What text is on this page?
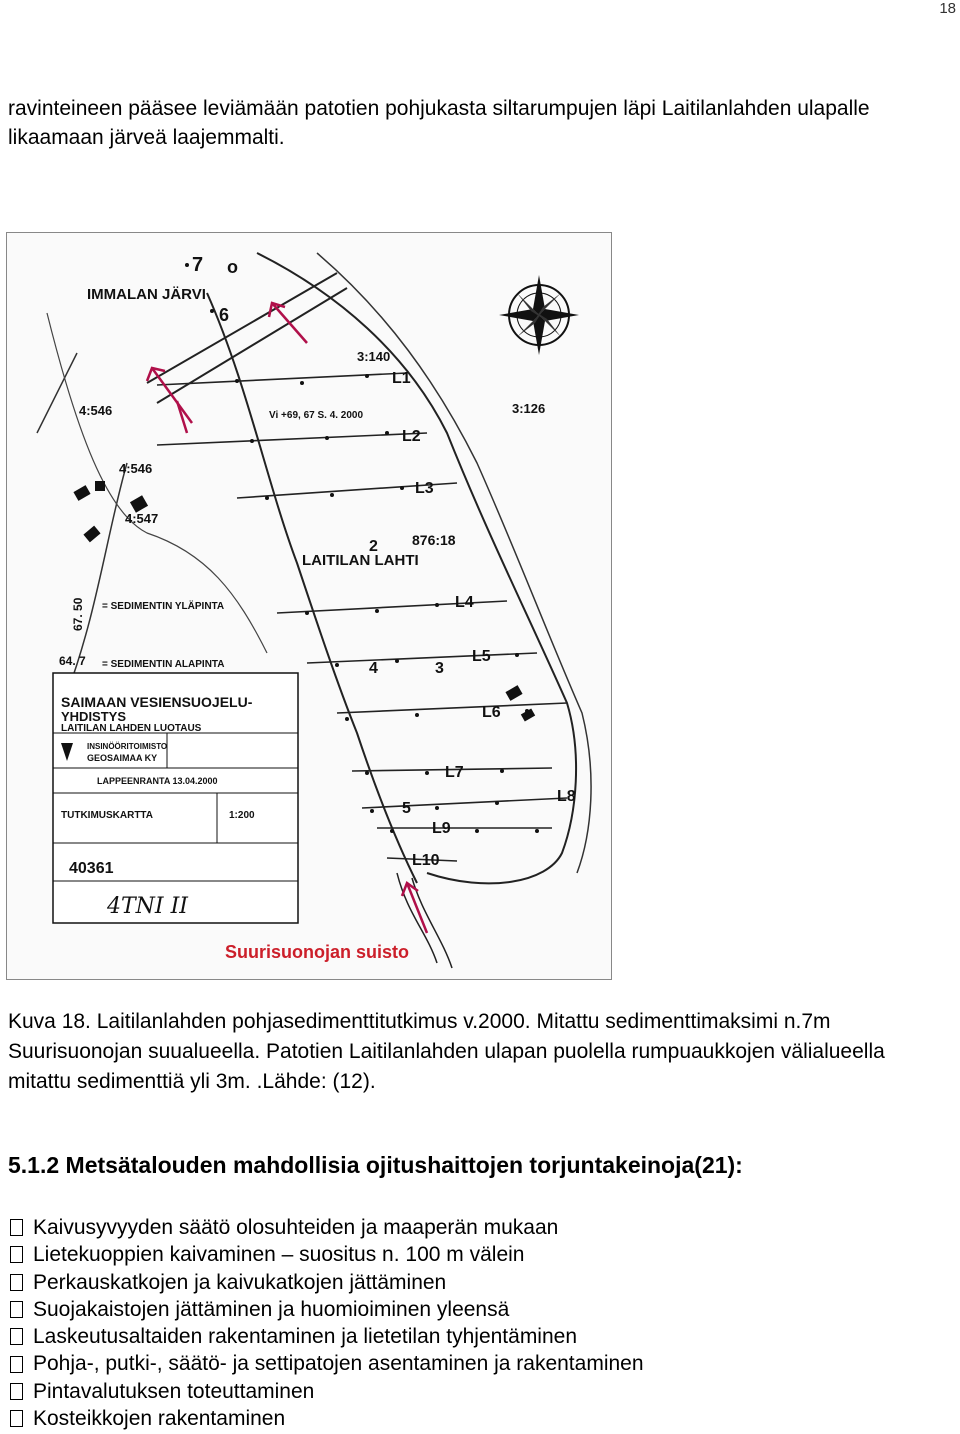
18

ravinteineen pääsee leviämään patotien pohjukasta siltarumpujen läpi Laitilanlahden ulapalle likaamaan järveä laajemmalti.

7 o
IMMALAN JÄRVI
6
3:140
4:546	3:126
Vi +69, 67 S. 4. 2000
4:546
4:547
876:18
2
LAITILAN LAHTI
67. 50 = SEDIMENTIN YLÄPINTA
64. 7 = SEDIMENTIN ALAPINTA	4	3
5
L1
L2
L3
L4
L5
L6
L7
L8
L9
L10
SAIMAAN VESIENSUOJELU-
YHDISTYS
LAITILAN LAHDEN LUOTAUS
INSINÖÖRITOIMISTO
GEOSAIMAA KY
LAPPEENRANTA 13.04.2000
TUTKIMUSKARTTA	1:200
40361
4TNI II
Suurisuonojan suisto

Kuva 18. Laitilanlahden pohjasedimenttitutkimus v.2000. Mitattu sedimenttimaksimi n.7m Suurisuonojan suualueella. Patotien Laitilanlahden ulapan puolella rumpuaukkojen välialueella mitattu sedimenttiä yli 3m. .Lähde: (12).

5.1.2 Metsätalouden mahdollisia ojitushaittojen torjuntakeinoja(21):
Kaivusyvyyden säätö olosuhteiden ja maaperän mukaan
Lietekuoppien kaivaminen – suositus n. 100 m välein
Perkauskatkojen ja kaivukatkojen jättäminen
Suojakaistojen jättäminen ja huomioiminen yleensä
Laskeutusaltaiden rakentaminen ja lietetilan tyhjentäminen
Pohja-, putki-, säätö- ja settipatojen asentaminen ja rakentaminen
Pintavalutuksen toteuttaminen
Kosteikkojen rakentaminen
